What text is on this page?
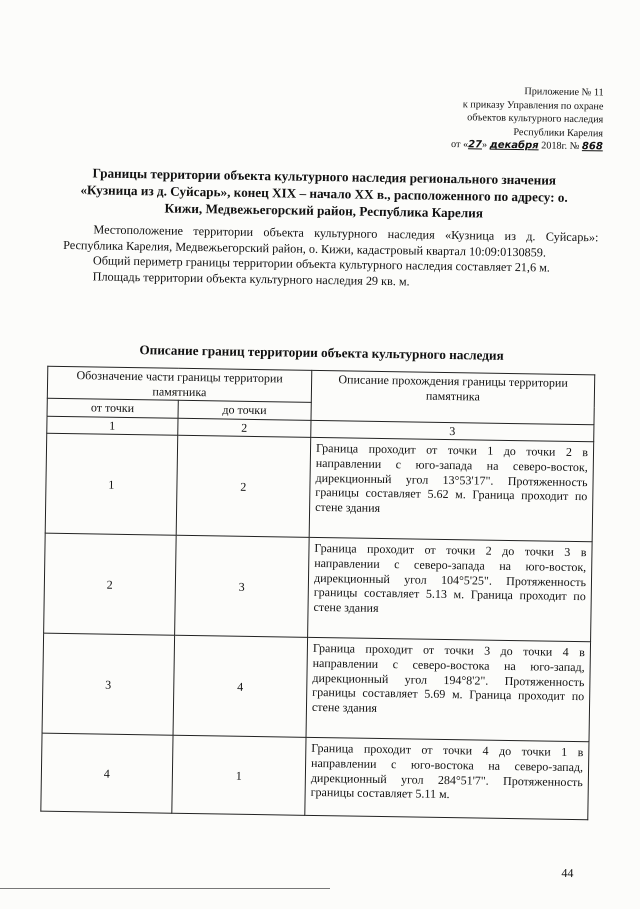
Приложение № 11
к приказу Управления по охране
объектов культурного наследия
Республики Карелия
от «27» декабря 2018г. № 868
Границы территории объекта культурного наследия регионального значения «Кузница из д. Суйсарь», конец XIX – начало XX в., расположенного по адресу: о. Кижи, Медвежьегорский район, Республика Карелия

Местоположение территории объекта культурного наследия «Кузница из д. Суйсарь»: Республика Карелия, Медвежьегорский район, о. Кижи, кадастровый квартал 10:09:0130859.

Общий периметр границы территории объекта культурного наследия составляет 21,6 м.

Площадь территории объекта культурного наследия 29 кв. м.

Описание границ территории объекта культурного наследия
Обозначение части границы территории памятника		Описание прохождения границы территории памятника
от точки	до точки	
1	2	3
1	2	Граница проходит от точки 1 до точки 2 в направлении с юго-запада на северо-восток, дирекционный угол 13°53'17". Протяженность границы составляет 5.62 м. Граница проходит по стене здания
2	3	Граница проходит от точки 2 до точки 3 в направлении с северо-запада на юго-восток, дирекционный угол 104°5'25". Протяженность границы составляет 5.13 м. Граница проходит по стене здания
3	4	Граница проходит от точки 3 до точки 4 в направлении с северо-востока на юго-запад, дирекционный угол 194°8'2". Протяженность границы составляет 5.69 м. Граница проходит по стене здания
4	1	Граница проходит от точки 4 до точки 1 в направлении с юго-востока на северо-запад, дирекционный угол 284°51'7". Протяженность границы составляет 5.11 м.
44
